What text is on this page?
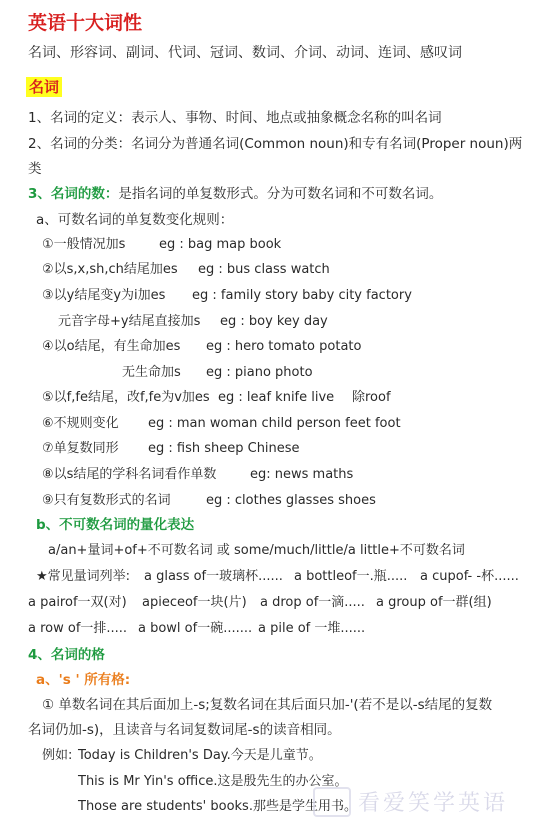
英语十大词性
名词、形容词、副词、代词、冠词、数词、介词、动词、连词、感叹词
名词
1、名词的定义：表示人、事物、时间、地点或抽象概念名称的叫名词
2、名词的分类：名词分为普通名词(Common noun)和专有名词(Proper noun)两
类
3、名词的数：是指名词的单复数形式。分为可数名词和不可数名词。
a、可数名词的单复数变化规则：
①一般情况加s	eg : bag map book
②以s,x,sh,ch结尾加es eg : bus class watch
③以y结尾变y为i加es eg : family story baby city factory
元音字母+y结尾直接加s eg : boy key day
④以o结尾，有生命加es eg : hero tomato potato
无生命加s eg : piano photo
⑤以f,fe结尾，改f,fe为v加es eg : leaf knife live 除roof
⑥不规则变化 eg : man woman child person feet foot
⑦单复数同形 eg : fish sheep Chinese
⑧以s结尾的学科名词看作单数	eg: news maths
⑨只有复数形式的名词	eg : clothes glasses shoes
b、不可数名词的量化表达
a/an+量词+of+不可数名词 或 some/much/little/a little+不可数名词
★常见量词列举: a glass of一玻璃杯...... a bottleof一.瓶..... a cupof- -杯......
a pairof一双(对) apieceof一块(片) a drop of一滴..... a group of一群(组)
a row of一排..... a bowl of一碗....... a pile of 一堆......
4、名词的格
a、's ' 所有格:
① 单数名词在其后面加上-s;复数名词在其后面只加-'(若不是以-s结尾的复数
名词仍加-s)，且读音与名词复数词尾-s的读音相同。
例如: Today is Children's Day.今天是儿童节。
This is Mr Yin's office.这是殷先生的办公室。
Those are students' books.那些是学生用书。 看爱笑学英语
